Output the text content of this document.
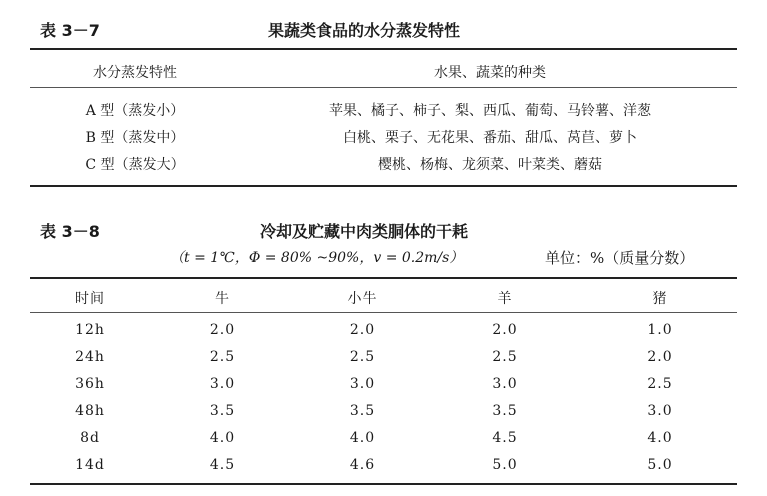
表 3－7	果蔬类食品的水分蒸发特性
水分蒸发特性	水果、蔬菜的种类
A 型（蒸发小）	苹果、橘子、柿子、梨、西瓜、葡萄、马铃薯、洋葱
B 型（蒸发中）	白桃、栗子、无花果、番茄、甜瓜、莴苣、萝卜
C 型（蒸发大）	樱桃、杨梅、龙须菜、叶菜类、蘑菇
表 3－8	冷却及贮藏中肉类胴体的干耗
（t = 1℃，Φ = 80% ~90%，v = 0.2m/s）	单位：%（质量分数）
时间	牛	小牛	羊	猪
12h	2.0	2.0	2.0	1.0
24h	2.5	2.5	2.5	2.0
36h	3.0	3.0	3.0	2.5
48h	3.5	3.5	3.5	3.0
8d	4.0	4.0	4.5	4.0
14d	4.5	4.6	5.0	5.0
